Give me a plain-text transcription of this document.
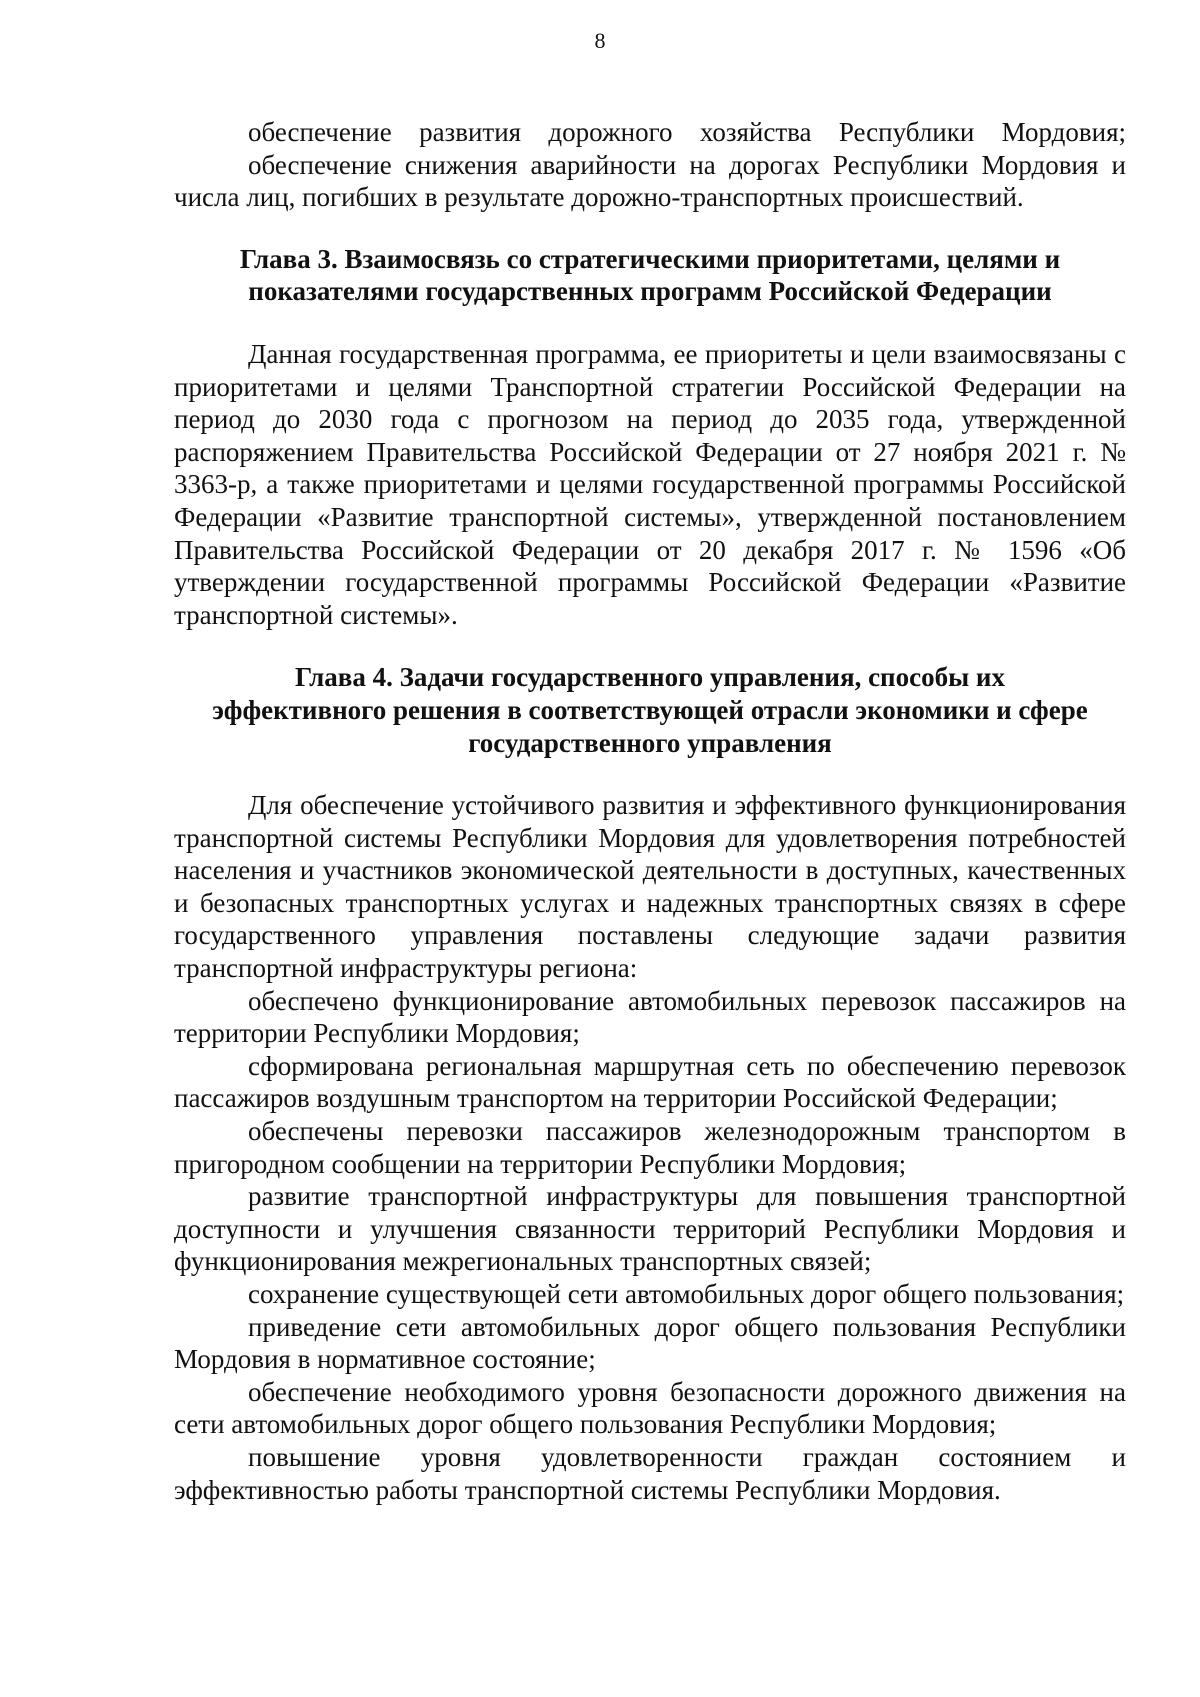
8

обеспечение развития дорожного хозяйства Республики Мордовия;

обеспечение снижения аварийности на дорогах Республики Мордовия и числа лиц, погибших в результате дорожно-транспортных происшествий.

Глава 3. Взаимосвязь со стратегическими приоритетами, целями и
показателями государственных программ Российской Федерации

Данная государственная программа, ее приоритеты и цели взаимосвязаны с приоритетами и целями Транспортной стратегии Российской Федерации на период до 2030 года с прогнозом на период до 2035 года, утвержденной распоряжением Правительства Российской Федерации от 27 ноября 2021 г. № 3363-р, а также приоритетами и целями государственной программы Российской Федерации «Развитие транспортной системы», утвержденной постановлением Правительства Российской Федерации от 20 декабря 2017 г. № 1596 «Об утверждении государственной программы Российской Федерации «Развитие транспортной системы».

Глава 4. Задачи государственного управления, способы их
эффективного решения в соответствующей отрасли экономики и сфере
государственного управления

Для обеспечение устойчивого развития и эффективного функционирования транспортной системы Республики Мордовия для удовлетворения потребностей населения и участников экономической деятельности в доступных, качественных и безопасных транспортных услугах и надежных транспортных связях в сфере государственного управления поставлены следующие задачи развития транспортной инфраструктуры региона:

обеспечено функционирование автомобильных перевозок пассажиров на территории Республики Мордовия;

сформирована региональная маршрутная сеть по обеспечению перевозок пассажиров воздушным транспортом на территории Российской Федерации;

обеспечены перевозки пассажиров железнодорожным транспортом в пригородном сообщении на территории Республики Мордовия;

развитие транспортной инфраструктуры для повышения транспортной доступности и улучшения связанности территорий Республики Мордовия и функционирования межрегиональных транспортных связей;

сохранение существующей сети автомобильных дорог общего пользования;

приведение сети автомобильных дорог общего пользования Республики Мордовия в нормативное состояние;

обеспечение необходимого уровня безопасности дорожного движения на сети автомобильных дорог общего пользования Республики Мордовия;

повышение уровня удовлетворенности граждан состоянием и эффективностью работы транспортной системы Республики Мордовия.
